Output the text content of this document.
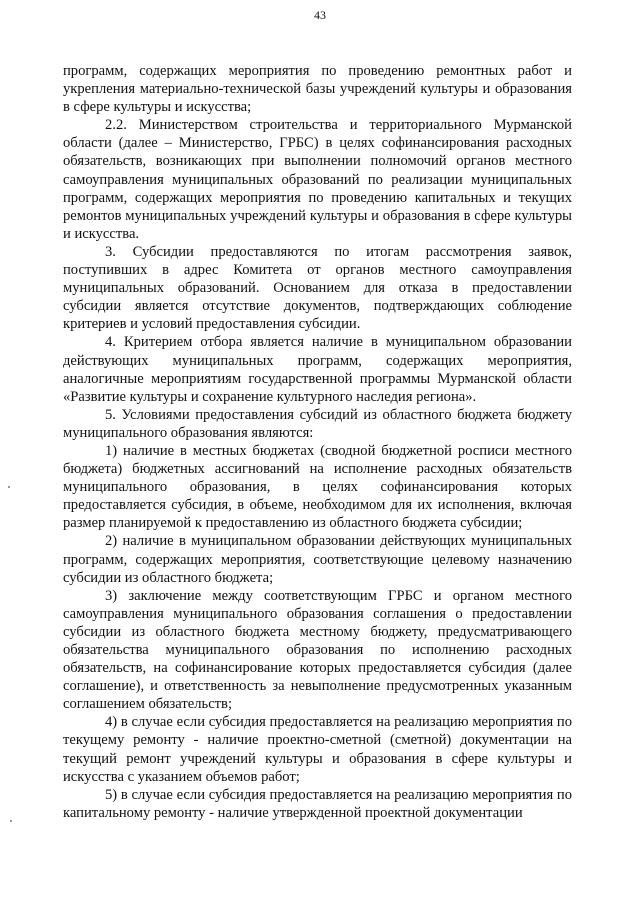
43

программ, содержащих мероприятия по проведению ремонтных работ и укрепления материально-технической базы учреждений культуры и образования в сфере культуры и искусства;

2.2. Министерством строительства и территориального Мурманской области (далее – Министерство, ГРБС) в целях софинансирования расходных обязательств, возникающих при выполнении полномочий органов местного самоуправления муниципальных образований по реализации муниципальных программ, содержащих мероприятия по проведению капитальных и текущих ремонтов муниципальных учреждений культуры и образования в сфере культуры и искусства.

3. Субсидии предоставляются по итогам рассмотрения заявок, поступивших в адрес Комитета от органов местного самоуправления муниципальных образований. Основанием для отказа в предоставлении субсидии является отсутствие документов, подтверждающих соблюдение критериев и условий предоставления субсидии.

4. Критерием отбора является наличие в муниципальном образовании действующих муниципальных программ, содержащих мероприятия, аналогичные мероприятиям государственной программы Мурманской области «Развитие культуры и сохранение культурного наследия региона».

5. Условиями предоставления субсидий из областного бюджета бюджету муниципального образования являются:

1) наличие в местных бюджетах (сводной бюджетной росписи местного бюджета) бюджетных ассигнований на исполнение расходных обязательств муниципального образования, в целях софинансирования которых предоставляется субсидия, в объеме, необходимом для их исполнения, включая размер планируемой к предоставлению из областного бюджета субсидии;

2) наличие в муниципальном образовании действующих муниципальных программ, содержащих мероприятия, соответствующие целевому назначению субсидии из областного бюджета;

3) заключение между соответствующим ГРБС и органом местного самоуправления муниципального образования соглашения о предоставлении субсидии из областного бюджета местному бюджету, предусматривающего обязательства муниципального образования по исполнению расходных обязательств, на софинансирование которых предоставляется субсидия (далее соглашение), и ответственность за невыполнение предусмотренных указанным соглашением обязательств;

4) в случае если субсидия предоставляется на реализацию мероприятия по текущему ремонту - наличие проектно-сметной (сметной) документации на текущий ремонт учреждений культуры и образования в сфере культуры и искусства с указанием объемов работ;

5) в случае если субсидия предоставляется на реализацию мероприятия по капитальному ремонту - наличие утвержденной проектной документации
